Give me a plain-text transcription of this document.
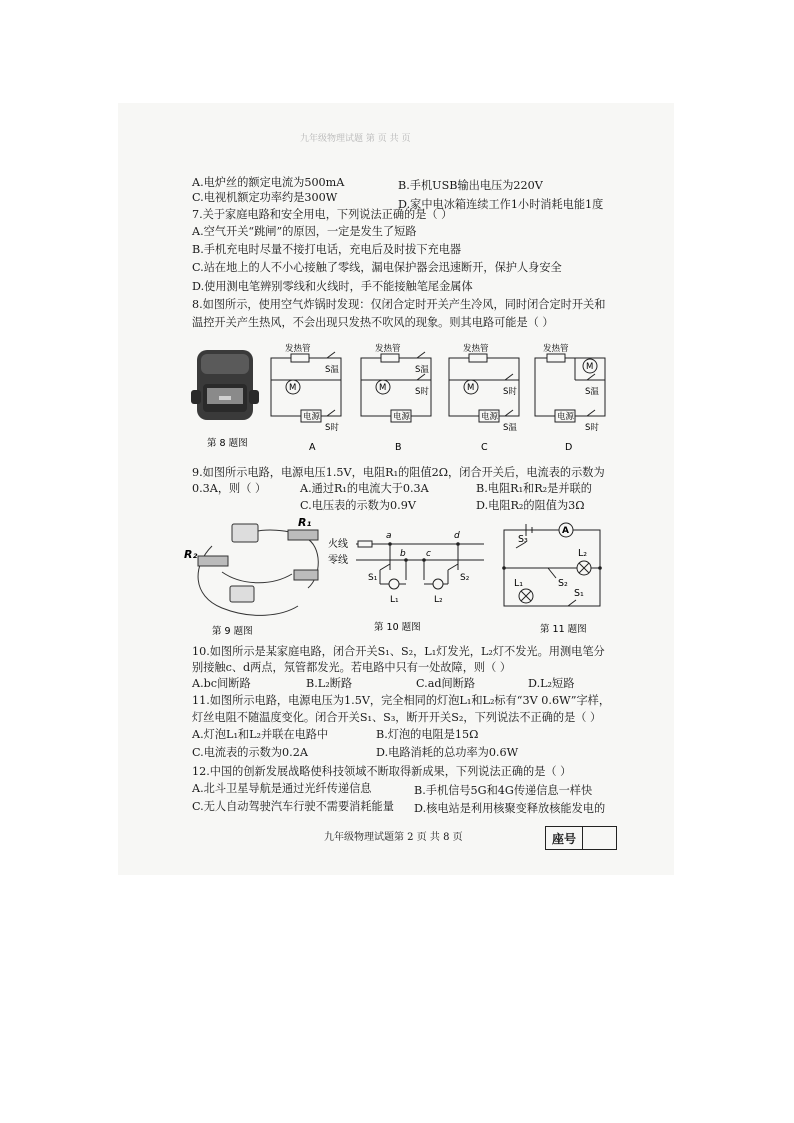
九年级物理试题 第 页 共 页
A.电炉丝的额定电流为500mA	B.手机USB输出电压为220V
C.电视机额定功率约是300W
D.家中电冰箱连续工作1小时消耗电能1度
7.关于家庭电路和安全用电，下列说法正确的是（ ）
A.空气开关“跳闸”的原因，一定是发生了短路
B.手机充电时尽量不接打电话，充电后及时拔下充电器
C.站在地上的人不小心接触了零线，漏电保护器会迅速断开，保护人身安全
D.使用测电笔辨别零线和火线时，手不能接触笔尾金属体
8.如图所示，使用空气炸锅时发现：仅闭合定时开关产生冷风，同时闭合定时开关和
温控开关产生热风，不会出现只发热不吹风的现象。则其电路可能是（ ）
发热管	发热管	发热管	发热管
M	M	M
M
电源	电源	电源	电源
S温
S时
S温
S时	S时
S温
S温
S时
第 8 题图	A	B	C	D
9.如图所示电路，电源电压1.5V，电阻R₁的阻值2Ω，闭合开关后，电流表的示数为
0.3A，则（ ）	A.通过R₁的电流大于0.3A	B.电阻R₁和R₂是并联的
C.电压表的示数为0.9V	D.电阻R₂的阻值为3Ω
R₁
R₂
第 9 题图
火线
零线
a
b c
d
S₁	S₂
L₁	L₂
第 10 题图
A
S₃
L₂
S₂
L₁
S₁
第 11 题图
10.如图所示是某家庭电路，闭合开关S₁、S₂，L₁灯发光，L₂灯不发光。用测电笔分
别接触c、d两点，氖管都发光。若电路中只有一处故障，则（ ）
A.bc间断路	B.L₂断路	C.ad间断路	D.L₂短路
11.如图所示电路，电源电压为1.5V，完全相同的灯泡L₁和L₂标有“3V 0.6W”字样，
灯丝电阻不随温度变化。闭合开关S₁、S₃，断开开关S₂，下列说法不正确的是（ ）
A.灯泡L₁和L₂并联在电路中	B.灯泡的电阻是15Ω
C.电流表的示数为0.2A	D.电路消耗的总功率为0.6W
12.中国的创新发展战略使科技领域不断取得新成果，下列说法正确的是（ ）
A.北斗卫星导航是通过光纤传递信息	B.手机信号5G和4G传递信息一样快
C.无人自动驾驶汽车行驶不需要消耗能量 D.核电站是利用核聚变释放核能发电的
九年级物理试题第 2 页 共 8 页	座号
